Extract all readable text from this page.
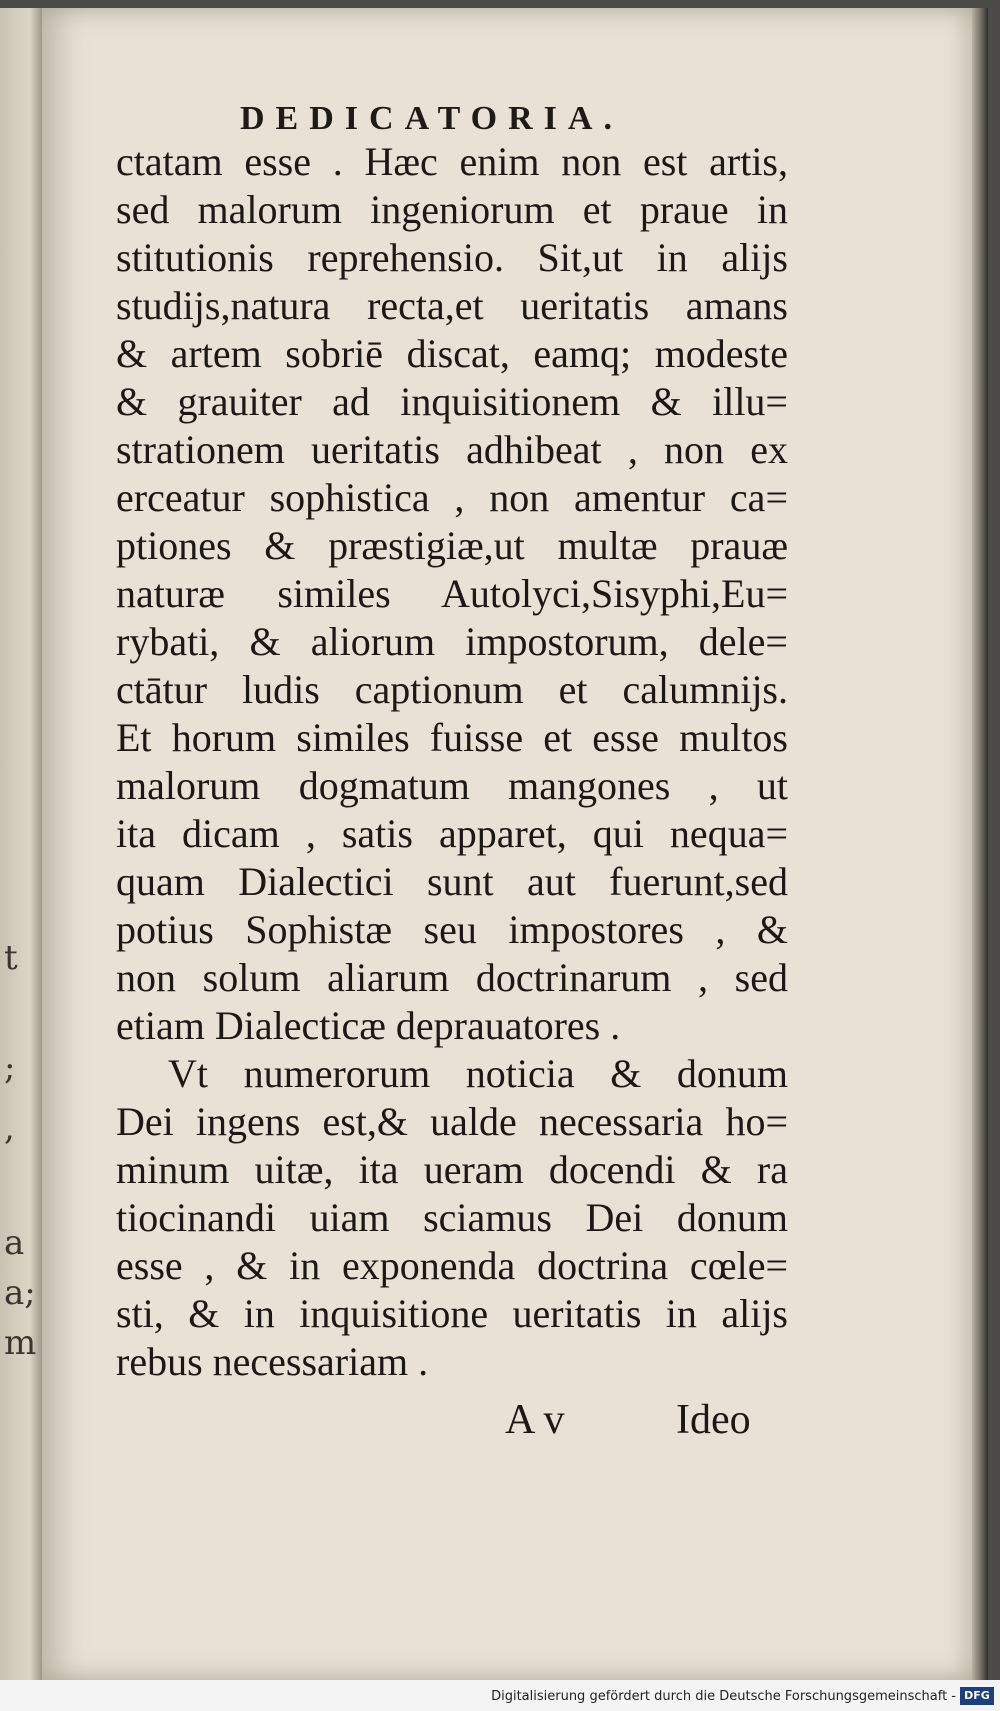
t
;
,
a
a;
m
DEDICATORIA.
ctatam esse . Hæc enim non est artis,
sed malorum ingeniorum et praue in
stitutionis reprehensio. Sit,ut in alijs
studijs,natura recta,et ueritatis amans
& artem sobriē discat, eamq; modeste
& grauiter ad inquisitionem & illu=
strationem ueritatis adhibeat , non ex
erceatur sophistica , non amentur ca=
ptiones & præstigiæ,ut multæ prauæ
naturæ similes Autolyci,Sisyphi,Eu=
rybati, & aliorum impostorum, dele=
ctātur ludis captionum et calumnijs.
Et horum similes fuisse et esse multos
malorum dogmatum mangones , ut
ita dicam , satis apparet, qui nequa=
quam Dialectici sunt aut fuerunt,sed
potius Sophistæ seu impostores , &
non solum aliarum doctrinarum , sed
etiam Dialecticæ deprauatores .
Vt numerorum noticia & donum
Dei ingens est,& ualde necessaria ho=
minum uitæ, ita ueram docendi & ra
tiocinandi uiam sciamus Dei donum
esse , & in exponenda doctrina cœle=
sti, & in inquisitione ueritatis in alijs
rebus necessariam .
A v	Ideo
Digitalisierung gefördert durch die Deutsche Forschungsgemeinschaft - DFG
